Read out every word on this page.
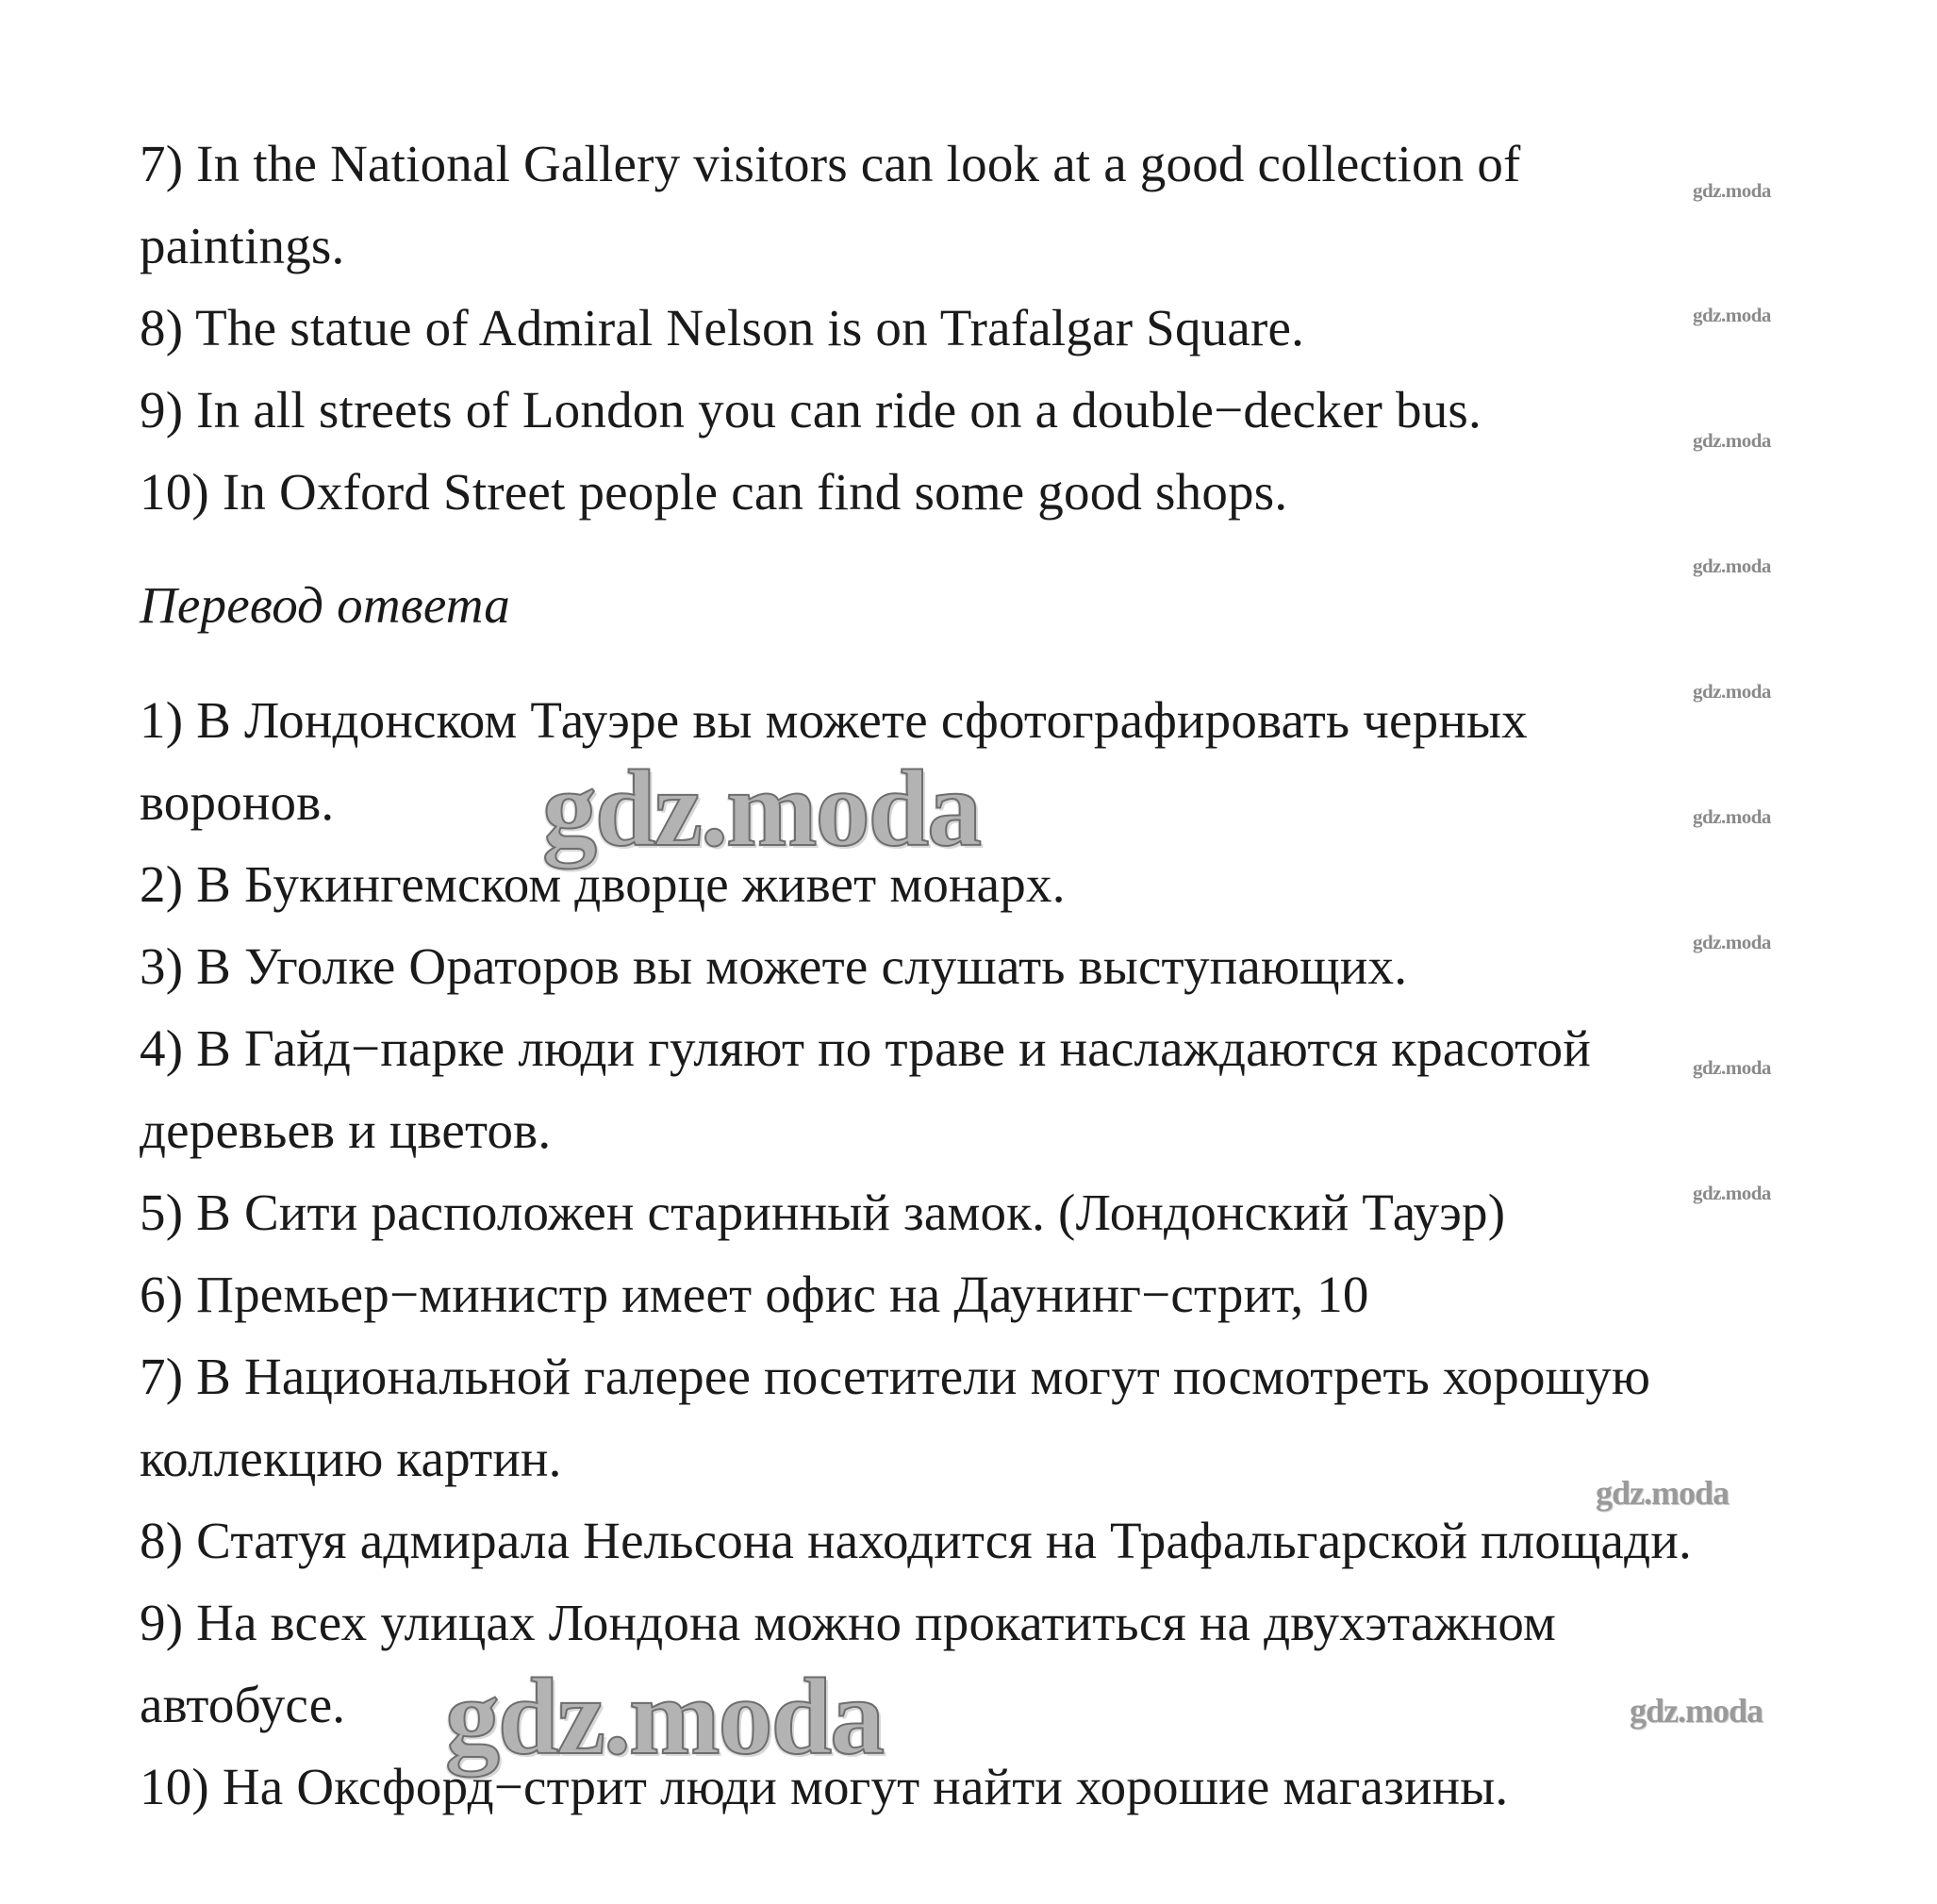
7) In the National Gallery visitors can look at a good collection of
paintings.
8) The statue of Admiral Nelson is on Trafalgar Square.
9) In all streets of London you can ride on a double−decker bus.
10) In Oxford Street people can find some good shops.
Перевод ответа
1) В Лондонском Тауэре вы можете сфотографировать черных
воронов.
2) В Букингемском дворце живет монарх.
3) В Уголке Ораторов вы можете слушать выступающих.
4) В Гайд−парке люди гуляют по траве и наслаждаются красотой
деревьев и цветов.
5) В Сити расположен старинный замок. (Лондонский Тауэр)
6) Премьер−министр имеет офис на Даунинг−стрит, 10
7) В Национальной галерее посетители могут посмотреть хорошую
коллекцию картин.
8) Статуя адмирала Нельсона находится на Трафальгарской площади.
9) На всех улицах Лондона можно прокатиться на двухэтажном
автобусе.
10) На Оксфорд−стрит люди могут найти хорошие магазины.
gdz.moda
gdz.moda
gdz.moda
gdz.moda
gdz.moda
gdz.moda
gdz.moda
gdz.moda
gdz.moda
gdz.moda
gdz.moda
gdz.moda
gdz.moda
